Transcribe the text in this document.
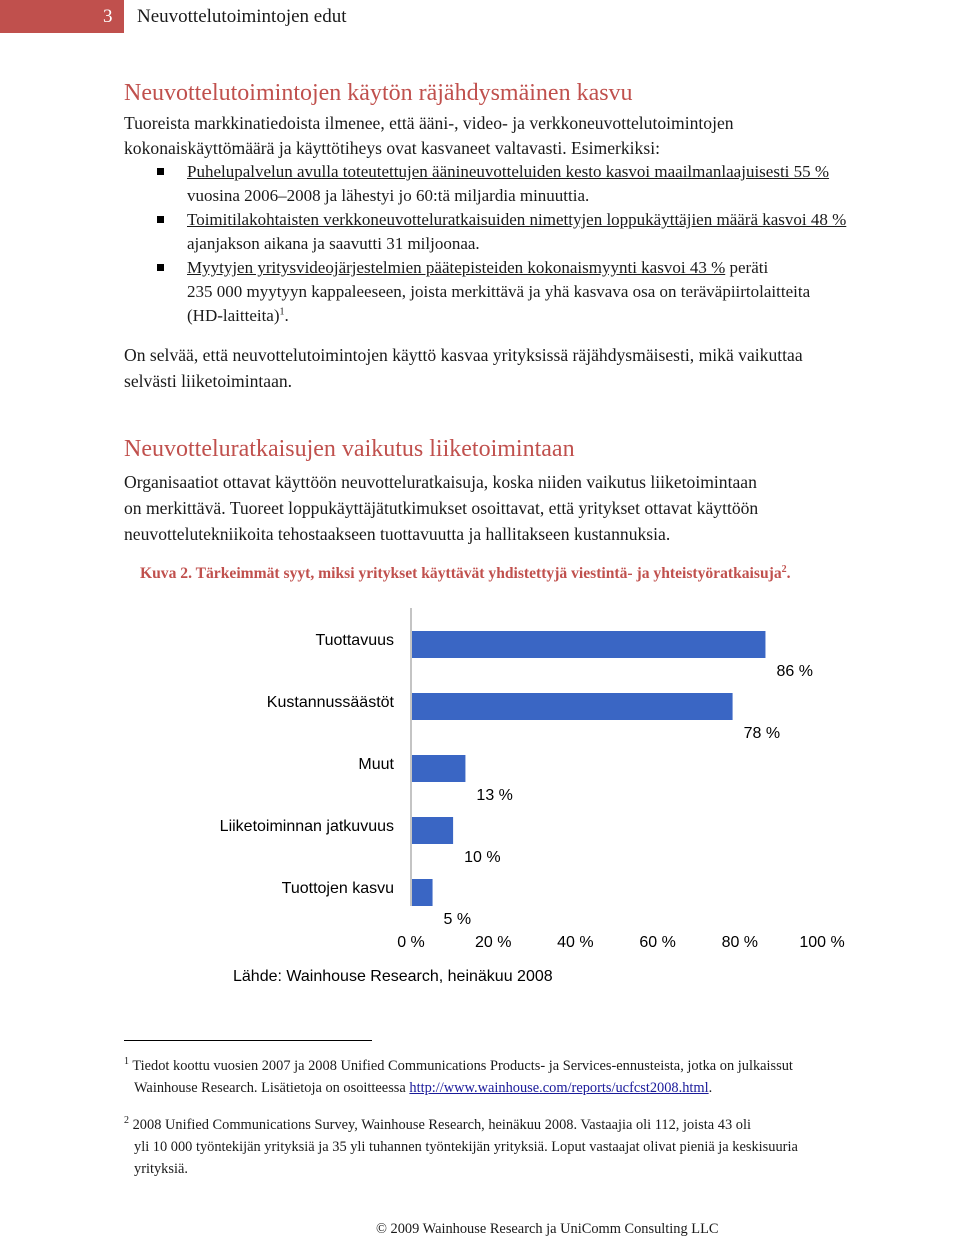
3	Neuvottelutoimintojen edut
Neuvottelutoimintojen käytön räjähdysmäinen kasvu

Tuoreista markkinatiedoista ilmenee, että ääni-, video- ja verkkoneuvottelutoimintojen
kokonaiskäyttömäärä ja käyttötiheys ovat kasvaneet valtavasti. Esimerkiksi:

Puhelupalvelun avulla toteutettujen äänineuvotteluiden kesto kasvoi maailmanlaajuisesti 55 %
vuosina 2006–2008 ja lähestyi jo 60:tä miljardia minuuttia.
Toimitilakohtaisten verkkoneuvotteluratkaisuiden nimettyjen loppukäyttäjien määrä kasvoi 48 %
ajanjakson aikana ja saavutti 31 miljoonaa.
Myytyjen yritysvideojärjestelmien päätepisteiden kokonaismyynti kasvoi 43 % peräti
235 000 myytyyn kappaleeseen, joista merkittävä ja yhä kasvava osa on teräväpiirtolaitteita
(HD-laitteita)$^1$.

On selvää, että neuvottelutoimintojen käyttö kasvaa yrityksissä räjähdysmäisesti, mikä vaikuttaa
selvästi liiketoimintaan.

Neuvotteluratkaisujen vaikutus liiketoimintaan

Organisaatiot ottavat käyttöön neuvotteluratkaisuja, koska niiden vaikutus liiketoimintaan
on merkittävä. Tuoreet loppukäyttäjätutkimukset osoittavat, että yritykset ottavat käyttöön
neuvottelutekniikoita tehostaakseen tuottavuutta ja hallitakseen kustannuksia.

Kuva 2. Tärkeimmät syyt, miksi yritykset käyttävät yhdistettyjä viestintä- ja yhteistyöratkaisuja$^2$.

Tuottavuus
Kustannussäästöt
Muut
Liiketoiminnan jatkuvuus
Tuottojen kasvu
86 %
78 %
13 %
10 %
5 %
0 %	20 %	40 %	60 %	80 %	100 %
Lähde: Wainhouse Research, heinäkuu 2008

$^1$ Tiedot koottu vuosien 2007 ja 2008 Unified Communications Products- ja Services-ennusteista, jotka on julkaissut
Wainhouse Research. Lisätietoja on osoitteessa http://www.wainhouse.com/reports/ucfcst2008.html.

$^2$ 2008 Unified Communications Survey, Wainhouse Research, heinäkuu 2008. Vastaajia oli 112, joista 43 oli
yli 10 000 työntekijän yrityksiä ja 35 yli tuhannen työntekijän yrityksiä. Loput vastaajat olivat pieniä ja keskisuuria
yrityksiä.

© 2009 Wainhouse Research ja UniComm Consulting LLC
